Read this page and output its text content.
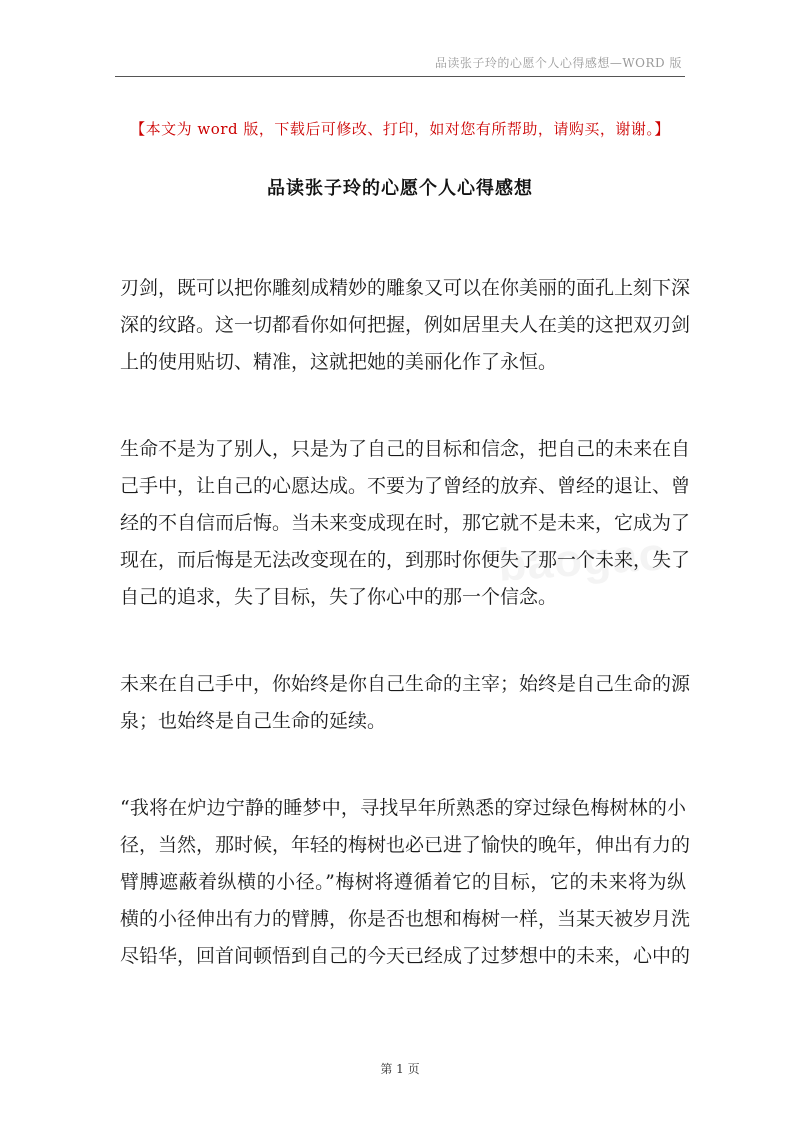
品读张子玲的心愿个人心得感想—WORD 版
【本文为 word 版，下载后可修改、打印，如对您有所帮助，请购买，谢谢。】
品读张子玲的心愿个人心得感想

刃剑，既可以把你雕刻成精妙的雕象又可以在你美丽的面孔上刻下深
深的纹路。这一切都看你如何把握，例如居里夫人在美的这把双刃剑
上的使用贴切、精准，这就把她的美丽化作了永恒。

生命不是为了别人，只是为了自己的目标和信念，把自己的未来在自
己手中，让自己的心愿达成。不要为了曾经的放弃、曾经的退让、曾
经的不自信而后悔。当未来变成现在时，那它就不是未来，它成为了
现在，而后悔是无法改变现在的，到那时你便失了那一个未来，失了
自己的追求，失了目标，失了你心中的那一个信念。

未来在自己手中，你始终是你自己生命的主宰；始终是自己生命的源
泉；也始终是自己生命的延续。

“我将在炉边宁静的睡梦中，寻找早年所熟悉的穿过绿色梅树林的小
径，当然，那时候，年轻的梅树也必已进了愉快的晚年，伸出有力的
臂膊遮蔽着纵横的小径。”梅树将遵循着它的目标，它的未来将为纵
横的小径伸出有力的臂膊，你是否也想和梅树一样，当某天被岁月洗
尽铅华，回首间顿悟到自己的今天已经成了过梦想中的未来，心中的

第 1 页
